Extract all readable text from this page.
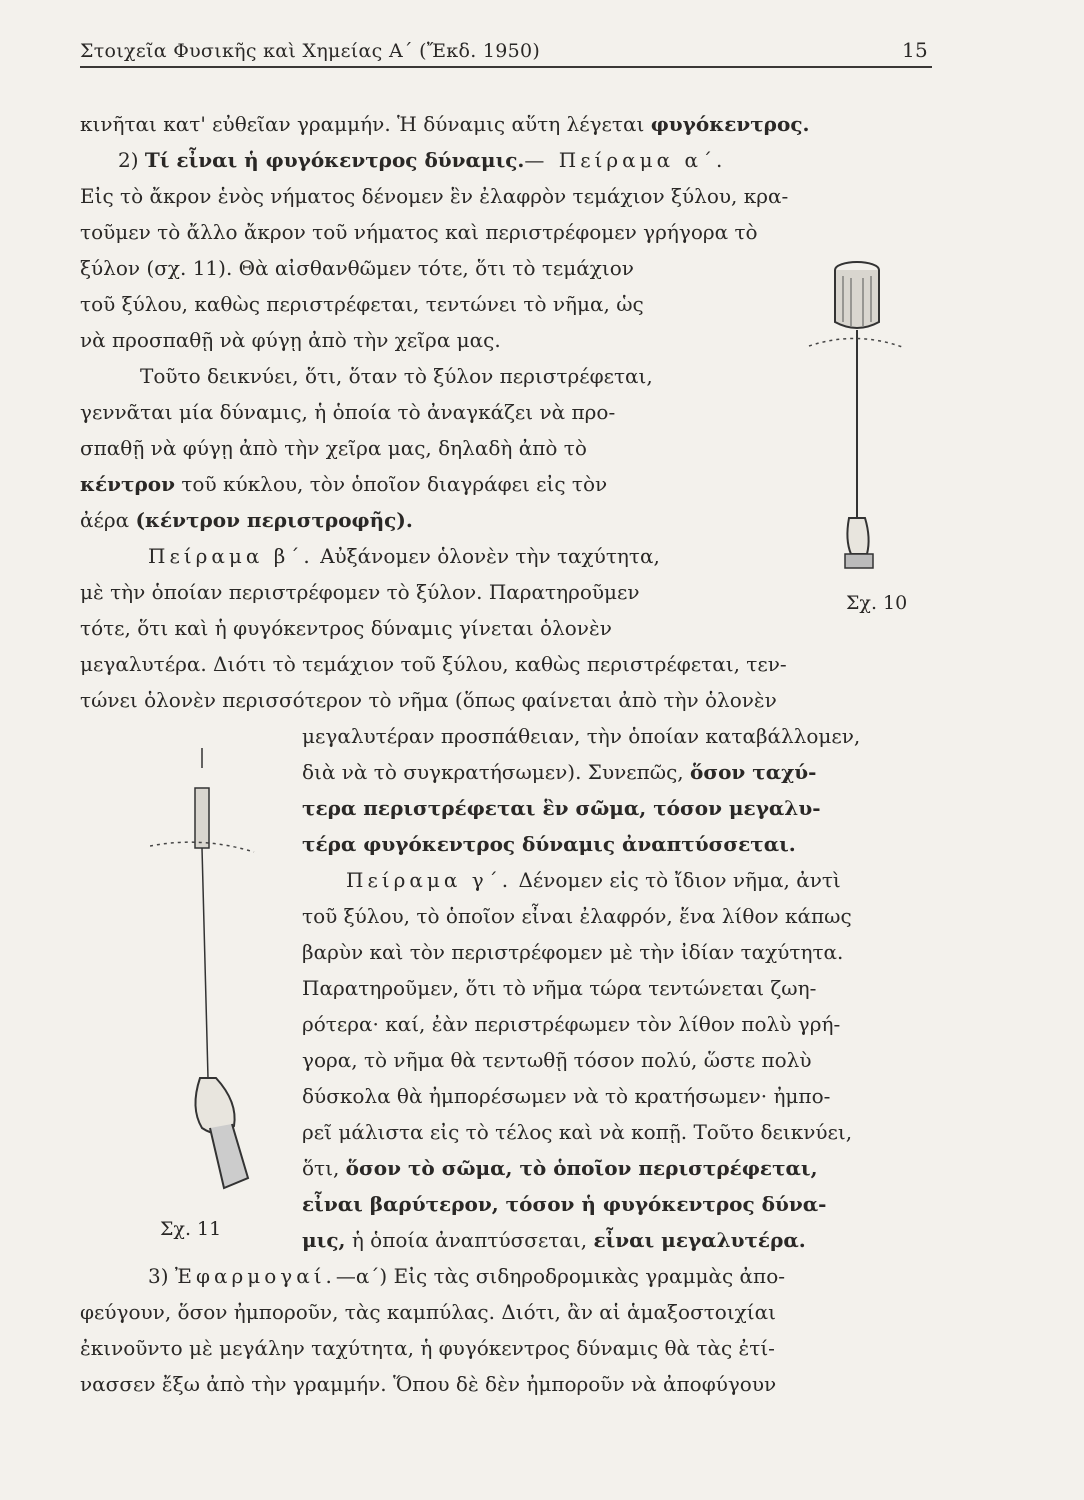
Στοιχεῖα Φυσικῆς καὶ Χημείας Α΄ (Ἔκδ. 1950)	15
κινῆται κατ' εὐθεῖαν γραμμήν. Ἡ δύναμις αὕτη λέγεται φυγόκεντρος.
2) Τί εἶναι ἡ φυγόκεντρος δύναμις.— Πείραμα α΄.
Εἰς τὸ ἄκρον ἑνὸς νήματος δένομεν ἓν ἐλαφρὸν τεμάχιον ξύλου, κρα-
τοῦμεν τὸ ἄλλο ἄκρον τοῦ νήματος καὶ περιστρέφομεν γρήγορα τὸ
ξύλον (σχ. 11). Θὰ αἰσθανθῶμεν τότε, ὅτι τὸ τεμάχιον
τοῦ ξύλου, καθὼς περιστρέφεται, τεντώνει τὸ νῆμα, ὡς
νὰ προσπαθῇ νὰ φύγῃ ἀπὸ τὴν χεῖρα μας.
Τοῦτο δεικνύει, ὅτι, ὅταν τὸ ξύλον περιστρέφεται,
γεννᾶται μία δύναμις, ἡ ὁποία τὸ ἀναγκάζει νὰ προ-
σπαθῇ νὰ φύγῃ ἀπὸ τὴν χεῖρα μας, δηλαδὴ ἀπὸ τὸ
κέντρον τοῦ κύκλου, τὸν ὁποῖον διαγράφει εἰς τὸν
ἀέρα (κέντρον περιστροφῆς).
Πείραμα β΄. Αὐξάνομεν ὁλονὲν τὴν ταχύτητα,
μὲ τὴν ὁποίαν περιστρέφομεν τὸ ξύλον. Παρατηροῦμεν
τότε, ὅτι καὶ ἡ φυγόκεντρος δύναμις γίνεται ὁλονὲν
μεγαλυτέρα. Διότι τὸ τεμάχιον τοῦ ξύλου, καθὼς περιστρέφεται, τεν-
τώνει ὁλονὲν περισσότερον τὸ νῆμα (ὅπως φαίνεται ἀπὸ τὴν ὁλονὲν
μεγαλυτέραν προσπάθειαν, τὴν ὁποίαν καταβάλλομεν,
διὰ νὰ τὸ συγκρατήσωμεν). Συνεπῶς, ὅσον ταχύ-
τερα περιστρέφεται ἓν σῶμα, τόσον μεγαλυ-
τέρα φυγόκεντρος δύναμις ἀναπτύσσεται.
Πείραμα γ΄. Δένομεν εἰς τὸ ἴδιον νῆμα, ἀντὶ
τοῦ ξύλου, τὸ ὁποῖον εἶναι ἐλαφρόν, ἕνα λίθον κάπως
βαρὺν καὶ τὸν περιστρέφομεν μὲ τὴν ἰδίαν ταχύτητα.
Παρατηροῦμεν, ὅτι τὸ νῆμα τώρα τεντώνεται ζωη-
ρότερα· καί, ἐὰν περιστρέφωμεν τὸν λίθον πολὺ γρή-
γορα, τὸ νῆμα θὰ τεντωθῇ τόσον πολύ, ὥστε πολὺ
δύσκολα θὰ ἠμπορέσωμεν νὰ τὸ κρατήσωμεν· ἠμπο-
ρεῖ μάλιστα εἰς τὸ τέλος καὶ νὰ κοπῇ. Τοῦτο δεικνύει,
ὅτι, ὅσον τὸ σῶμα, τὸ ὁποῖον περιστρέφεται,
εἶναι βαρύτερον, τόσον ἡ φυγόκεντρος δύνα-
μις, ἡ ὁποία ἀναπτύσσεται, εἶναι μεγαλυτέρα.
3) Ἐφαρμογαί.—α΄) Εἰς τὰς σιδηροδρομικὰς γραμμὰς ἀπο-
φεύγουν, ὅσον ἠμποροῦν, τὰς καμπύλας. Διότι, ἂν αἱ ἁμαξοστοιχίαι
ἐκινοῦντο μὲ μεγάλην ταχύτητα, ἡ φυγόκεντρος δύναμις θὰ τὰς ἐτί-
νασσεν ἔξω ἀπὸ τὴν γραμμήν. Ὅπου δὲ δὲν ἠμποροῦν νὰ ἀποφύγουν
Σχ. 10
Σχ. 11
